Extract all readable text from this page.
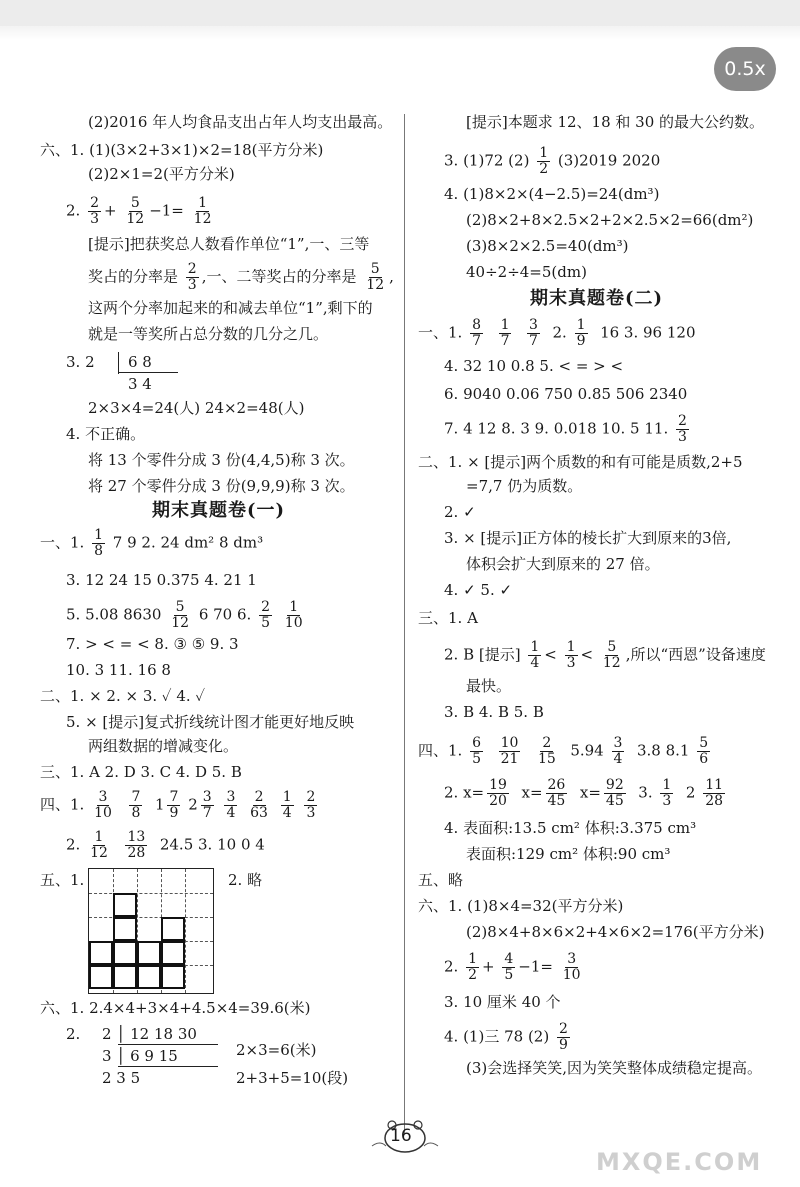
0.5x
(2)2016 年人均食品支出占年人均支出最高。
六、1. (1)(3×2+3×1)×2=18(平方分米)
(2)2×1=2(平方分米)
2. $\frac{2}{3} + \frac{5}{12} -1= \frac{1}{12}$
[提示]把获奖总人数看作单位“1”,一、三等
奖占的分率是 $\frac{2}{3}$ ,一、二等奖占的分率是 $\frac{5}{12}$ ,
这两个分率加起来的和减去单位“1”,剩下的
就是一等奖所占总分数的几分之几。
3. 2 6 8
3 4
2×3×4=24(人) 24×2=48(人)
4. 不正确。
将 13 个零件分成 3 份(4,4,5)称 3 次。
将 27 个零件分成 3 份(9,9,9)称 3 次。
期末真题卷(一)
一、1. $\frac{1}{8} 7$ 9 2. 24 dm² 8 dm³
3. 12 24 15 0.375 4. 21 1
5. 5.08 $8630 \frac{5}{12} 6$ 70 6. $\frac{2}{5}$
$\frac{1}{10}$
7. > < = < 8. ③ ⑤ 9. 3
10. 3 11. 16 8
二、1. × 2. × 3. ✓ 4. ✓
5. × [提示]复式折线统计图才能更好地反映
两组数据的增减变化。
三、1. A 2. D 3. C 4. D 5. B
四、1. $\frac{3}{10}$
$\frac{7}{8} 1 \frac{7}{9} 2 \frac{3}{7}$
$\frac{3}{4}$
$\frac{2}{63}$
$\frac{1}{4}$
$\frac{2}{3}$
2. $\frac{1}{12}$
$\frac{13}{28} 24.5$ 3. 10 0 4
五、1.	2. 略
六、1. 2.4×4+3×4+4.5×4=39.6(米)
2. 2 │ 12 18 30
3 │ 6 9 15
2 3 5
2×3=6(米)
2+3+5=10(段)
[提示]本题求 12、18 和 30 的最大公约数。
3. (1)72 $(2) \frac{1}{2} (3)2019$ 2020
4. (1)8×2×(4−2.5)=24(dm³)
(2)8×2+8×2.5×2+2×2.5×2=66(dm²)
(3)8×2×2.5=40(dm³)
40÷2÷4=5(dm)
期末真题卷(二)
一、1. $\frac{8}{7}$
$\frac{1}{7}$
$\frac{3}{7} 2$. $\frac{1}{9} 16$ 3. 96 120
4. 32 10 0.8 5. < = > <
6. 9040 0.06 750 0.85 506 2340
7. 4 12 8. 3 9. 0.018 10. 5 11. $\frac{2}{3}$
二、1. × [提示]两个质数的和有可能是质数,2+5
=7,7 仍为质数。
2. ✓
3. × [提示]正方体的棱长扩大到原来的3倍,
体积会扩大到原来的 27 倍。
4. ✓ 5. ✓
三、1. A
2. B [提示] $\frac{1}{4} < \frac{1}{3} < \frac{5}{12}$ ,所以“西恩”设备速度
最快。
3. B 4. B 5. B
四、1. $\frac{6}{5}$
$\frac{10}{21}$
$\frac{2}{15} 5.94 \frac{3}{4} 3.8$ $8.1 \frac{5}{6}$
2. $x= \frac{19}{20} x= \frac{26}{45} x= \frac{92}{45} 3$. $\frac{1}{3} 2 \frac{11}{28}$
4. 表面积:13.5 cm² 体积:3.375 cm³
表面积:129 cm² 体积:90 cm³
五、略
六、1. (1)8×4=32(平方分米)
(2)8×4+8×6×2+4×6×2=176(平方分米)
2. $\frac{1}{2} + \frac{4}{5} -1= \frac{3}{10}$
3. 10 厘米 40 个
4. (1)三 78 $(2) \frac{2}{9}$
(3)会选择笑笑,因为笑笑整体成绩稳定提高。
16
MXQE.COM
